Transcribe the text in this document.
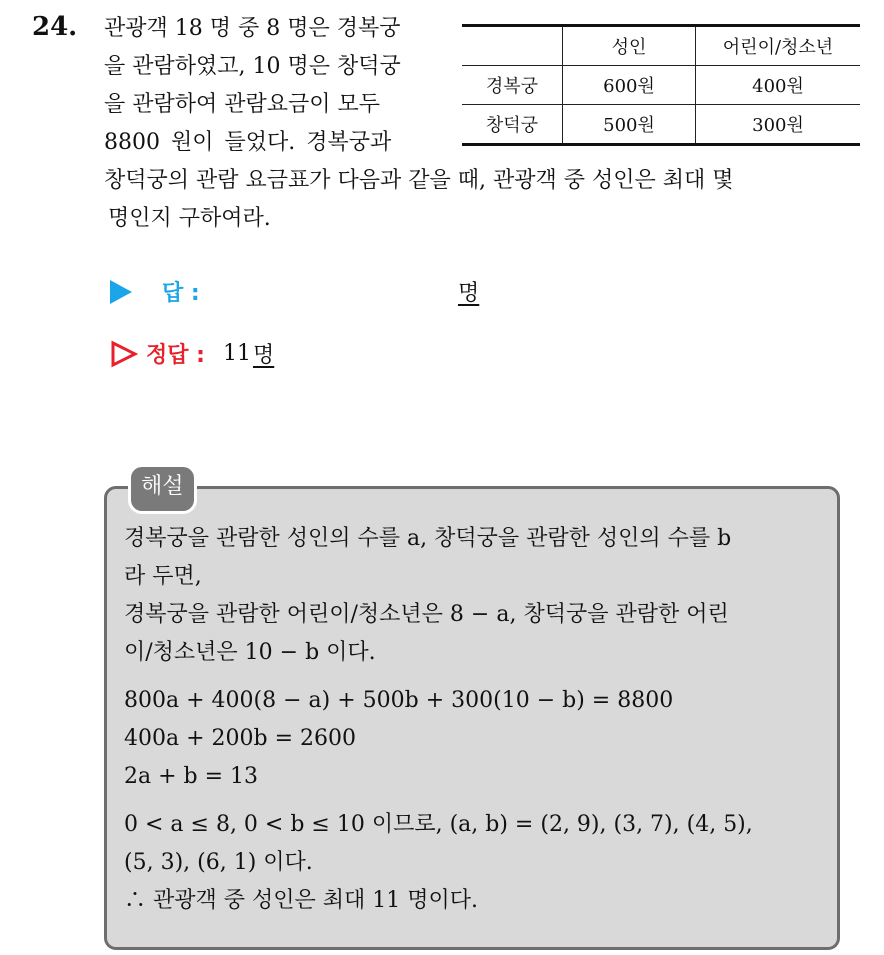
24. 관광객 18 명 중 8 명은 경복궁
을 관람하였고, 10 명은 창덕궁
을 관람하여 관람요금이 모두
8800 원이 들었다. 경복궁과
	성인	어린이/청소년
경복궁	600원	400원
창덕궁	500원	300원
창덕궁의 관람 요금표가 다음과 같을 때, 관광객 중 성인은 최대 몇
명인지 구하여라.
답 :	명
정답 : 11 명
해설
경복궁을 관람한 성인의 수를 a, 창덕궁을 관람한 성인의 수를 b
라 두면,
경복궁을 관람한 어린이/청소년은 8 − a, 창덕궁을 관람한 어린
이/청소년은 10 − b 이다.
800a + 400(8 − a) + 500b + 300(10 − b) = 8800
400a + 200b = 2600
2a + b = 13
0 < a ≤ 8, 0 < b ≤ 10 이므로, (a, b) = (2, 9), (3, 7), (4, 5),
(5, 3), (6, 1) 이다.
∴ 관광객 중 성인은 최대 11 명이다.
